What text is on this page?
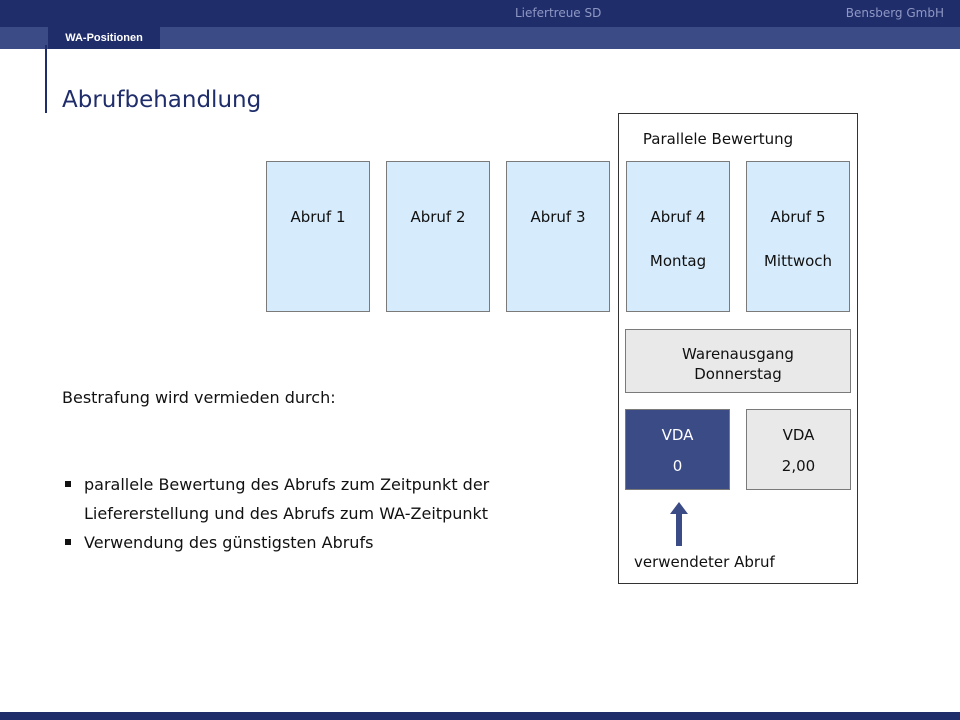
Liefertreue SD	Bensberg GmbH
WA-Positionen
Abrufbehandlung
Parallele Bewertung
Abruf 1	Abruf 2	Abruf 3	Abruf 4
Montag
Abruf 5
Mittwoch
Warenausgang
Donnerstag
VDA
0
VDA
2,00
verwendeter Abruf
Bestrafung wird vermieden durch:
parallele Bewertung des Abrufs zum Zeitpunkt der Liefererstellung und des Abrufs zum WA-Zeitpunkt
Verwendung des günstigsten Abrufs
